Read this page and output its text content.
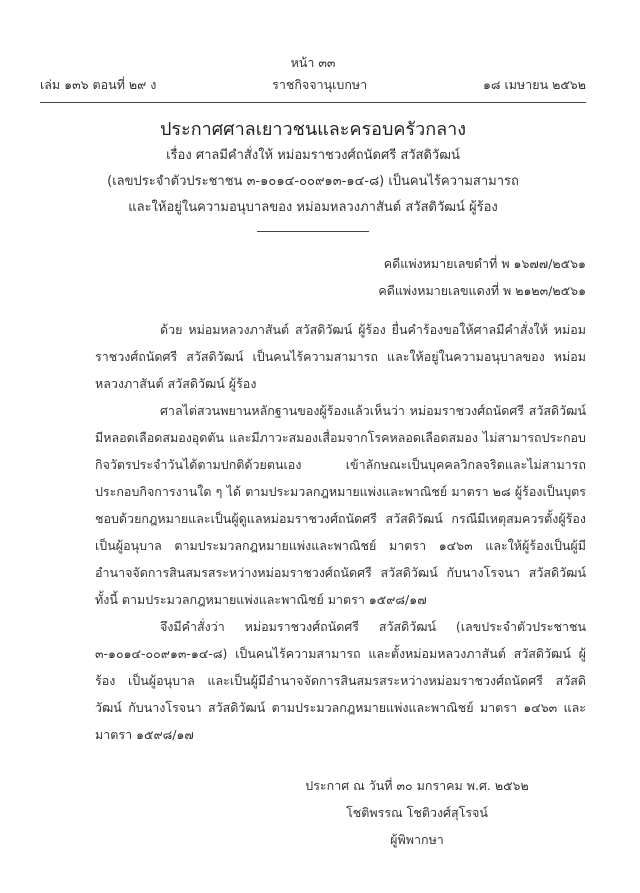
หน้า ๓๓
เล่ม ๑๓๖ ตอนที่ ๒๙ ง	ราชกิจจานุเบกษา	๑๘ เมษายน ๒๕๖๒
ประกาศศาลเยาวชนและครอบครัวกลาง
เรื่อง ศาลมีคำสั่งให้ หม่อมราชวงศ์ถนัดศรี สวัสดิวัฒน์
(เลขประจำตัวประชาชน ๓-๑๐๑๔-๐๐๙๑๓-๑๔-๘) เป็นคนไร้ความสามารถ
และให้อยู่ในความอนุบาลของ หม่อมหลวงภาสันต์ สวัสดิวัฒน์ ผู้ร้อง
คดีแพ่งหมายเลขดำที่ พ ๑๖๗๗/๒๕๖๑
คดีแพ่งหมายเลขแดงที่ พ ๒๑๒๓/๒๕๖๑

ด้วย หม่อมหลวงภาสันต์ สวัสดิวัฒน์ ผู้ร้อง ยื่นคำร้องขอให้ศาลมีคำสั่งให้ หม่อมราชวงศ์ถนัดศรี สวัสดิวัฒน์ เป็นคนไร้ความสามารถ และให้อยู่ในความอนุบาลของ หม่อมหลวงภาสันต์ สวัสดิวัฒน์ ผู้ร้อง

ศาลไต่สวนพยานหลักฐานของผู้ร้องแล้วเห็นว่า หม่อมราชวงศ์ถนัดศรี สวัสดิวัฒน์ มีหลอดเลือดสมองอุดตัน และมีภาวะสมองเสื่อมจากโรคหลอดเลือดสมอง ไม่สามารถประกอบกิจวัตรประจำวันได้ตามปกติด้วยตนเอง เข้าลักษณะเป็นบุคคลวิกลจริตและไม่สามารถประกอบกิจการงานใด ๆ ได้ ตามประมวลกฎหมายแพ่งและพาณิชย์ มาตรา ๒๘ ผู้ร้องเป็นบุตรชอบด้วยกฎหมายและเป็นผู้ดูแลหม่อมราชวงศ์ถนัดศรี สวัสดิวัฒน์ กรณีมีเหตุสมควรตั้งผู้ร้องเป็นผู้อนุบาล ตามประมวลกฎหมายแพ่งและพาณิชย์ มาตรา ๑๔๖๓ และให้ผู้ร้องเป็นผู้มีอำนาจจัดการสินสมรสระหว่างหม่อมราชวงศ์ถนัดศรี สวัสดิวัฒน์ กับนางโรจนา สวัสดิวัฒน์ ทั้งนี้ ตามประมวลกฎหมายแพ่งและพาณิชย์ มาตรา ๑๕๙๘/๑๗

จึงมีคำสั่งว่า หม่อมราชวงศ์ถนัดศรี สวัสดิวัฒน์ (เลขประจำตัวประชาชน ๓-๑๐๑๔-๐๐๙๑๓-๑๔-๘) เป็นคนไร้ความสามารถ และตั้งหม่อมหลวงภาสันต์ สวัสดิวัฒน์ ผู้ร้อง เป็นผู้อนุบาล และเป็นผู้มีอำนาจจัดการสินสมรสระหว่างหม่อมราชวงศ์ถนัดศรี สวัสดิวัฒน์ กับนางโรจนา สวัสดิวัฒน์ ตามประมวลกฎหมายแพ่งและพาณิชย์ มาตรา ๑๔๖๓ และมาตรา ๑๕๙๘/๑๗

ประกาศ ณ วันที่ ๓๐ มกราคม พ.ศ. ๒๕๖๒
โชติพรรณ โชติวงศ์สุโรจน์
ผู้พิพากษา
